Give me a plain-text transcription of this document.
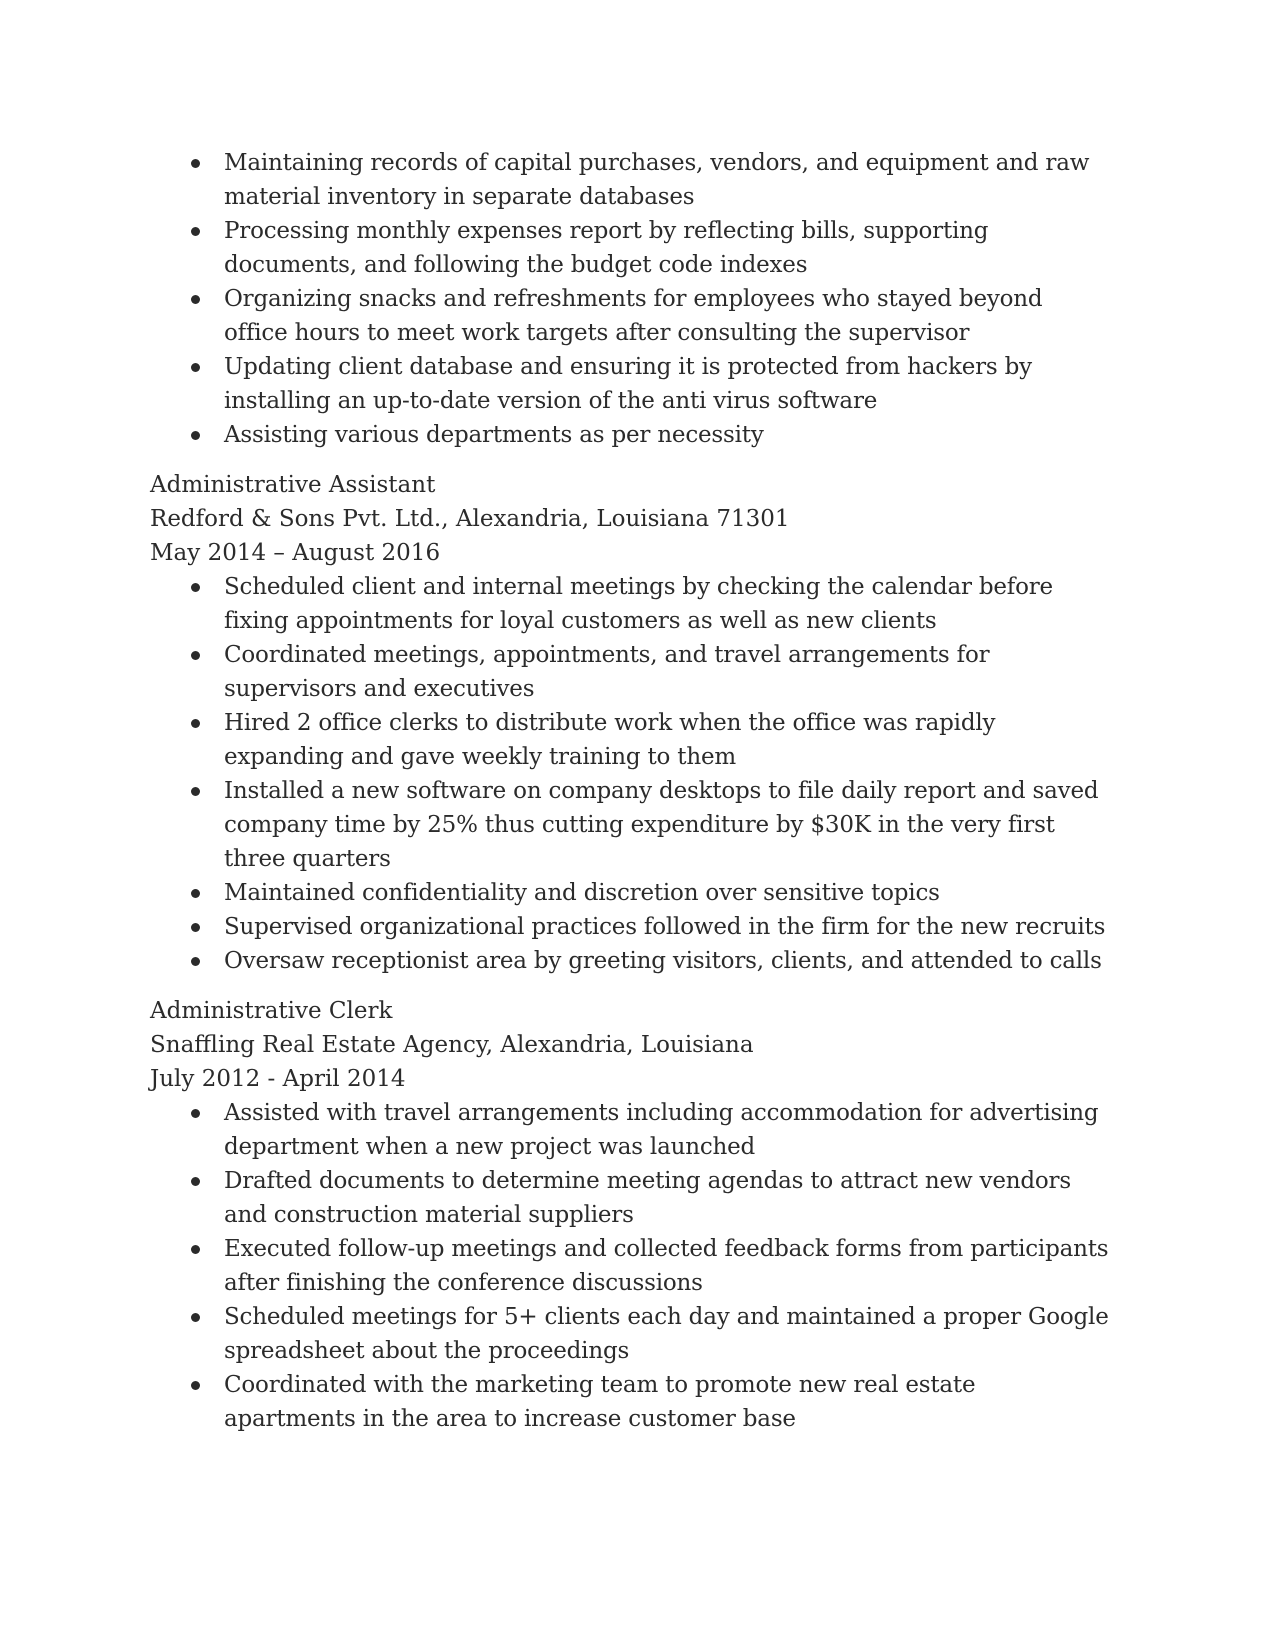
Maintaining records of capital purchases, vendors, and equipment and raw material inventory in separate databases
Processing monthly expenses report by reflecting bills, supporting documents, and following the budget code indexes
Organizing snacks and refreshments for employees who stayed beyond office hours to meet work targets after consulting the supervisor
Updating client database and ensuring it is protected from hackers by installing an up-to-date version of the anti virus software
Assisting various departments as per necessity

Administrative Assistant

Redford & Sons Pvt. Ltd., Alexandria, Louisiana 71301

May 2014 – August 2016

Scheduled client and internal meetings by checking the calendar before fixing appointments for loyal customers as well as new clients
Coordinated meetings, appointments, and travel arrangements for supervisors and executives
Hired 2 office clerks to distribute work when the office was rapidly expanding and gave weekly training to them
Installed a new software on company desktops to file daily report and saved company time by 25% thus cutting expenditure by $30K in the very first three quarters
Maintained confidentiality and discretion over sensitive topics
Supervised organizational practices followed in the firm for the new recruits
Oversaw receptionist area by greeting visitors, clients, and attended to calls

Administrative Clerk

Snaffling Real Estate Agency, Alexandria, Louisiana

July 2012 - April 2014

Assisted with travel arrangements including accommodation for advertising department when a new project was launched
Drafted documents to determine meeting agendas to attract new vendors and construction material suppliers
Executed follow-up meetings and collected feedback forms from participants after finishing the conference discussions
Scheduled meetings for 5+ clients each day and maintained a proper Google spreadsheet about the proceedings
Coordinated with the marketing team to promote new real estate apartments in the area to increase customer base
